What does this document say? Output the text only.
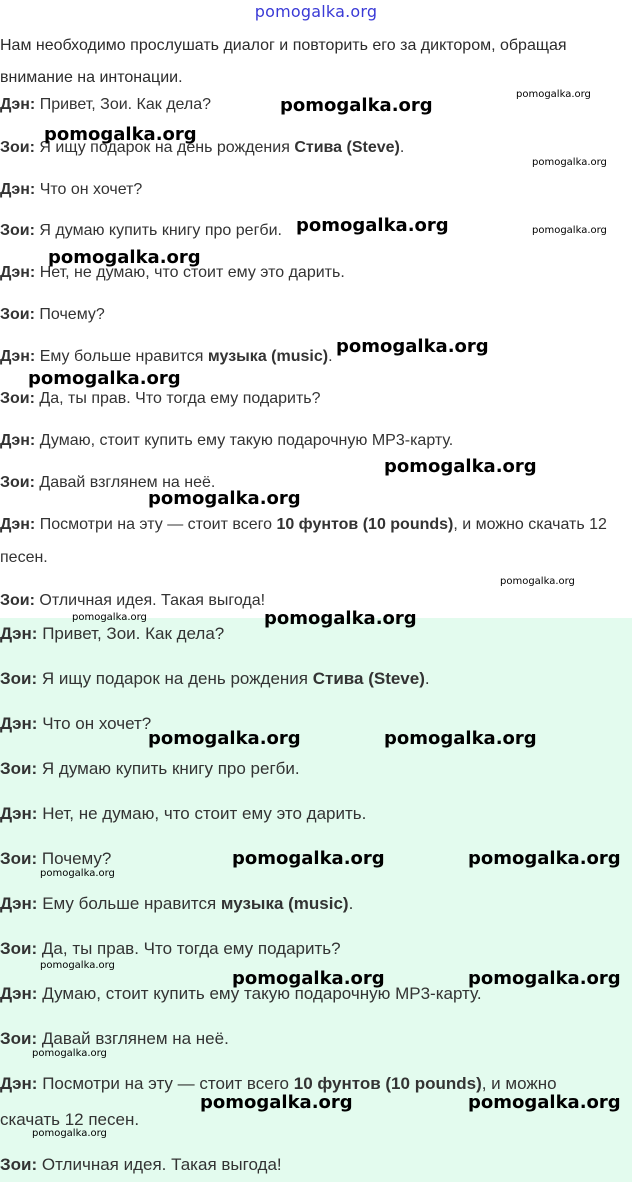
pomogalka.org
Нам необходимо прослушать диалог и повторить его за диктором, обращая внимание на интонации.
Дэн: Привет, Зои. Как дела?
Зои: Я ищу подарок на день рождения Стива (Steve).
Дэн: Что он хочет?
Зои: Я думаю купить книгу про регби.
Дэн: Нет, не думаю, что стоит ему это дарить.
Зои: Почему?
Дэн: Ему больше нравится музыка (music).
Зои: Да, ты прав. Что тогда ему подарить?
Дэн: Думаю, стоит купить ему такую подарочную MP3-карту.
Зои: Давай взглянем на неё.
Дэн: Посмотри на эту — стоит всего 10 фунтов (10 pounds), и можно скачать 12
песен.
Зои: Отличная идея. Такая выгода!
Дэн: Привет, Зои. Как дела?
Зои: Я ищу подарок на день рождения Стива (Steve).
Дэн: Что он хочет?
Зои: Я думаю купить книгу про регби.
Дэн: Нет, не думаю, что стоит ему это дарить.
Зои: Почему?
Дэн: Ему больше нравится музыка (music).
Зои: Да, ты прав. Что тогда ему подарить?
Дэн: Думаю, стоит купить ему такую подарочную MP3-карту.
Зои: Давай взглянем на неё.
Дэн: Посмотри на эту — стоит всего 10 фунтов (10 pounds), и можно
скачать 12 песен.
Зои: Отличная идея. Такая выгода!
pomogalka.org
pomogalka.org
pomogalka.org
pomogalka.org
pomogalka.org	pomogalka.org
pomogalka.org
pomogalka.org
pomogalka.org
pomogalka.org
pomogalka.org
pomogalka.org
pomogalka.org
pomogalka.org
pomogalka.org	pomogalka.org
pomogalka.org	pomogalka.org
pomogalka.org
pomogalka.org
pomogalka.org	pomogalka.org
pomogalka.org
pomogalka.org	pomogalka.org
pomogalka.org
